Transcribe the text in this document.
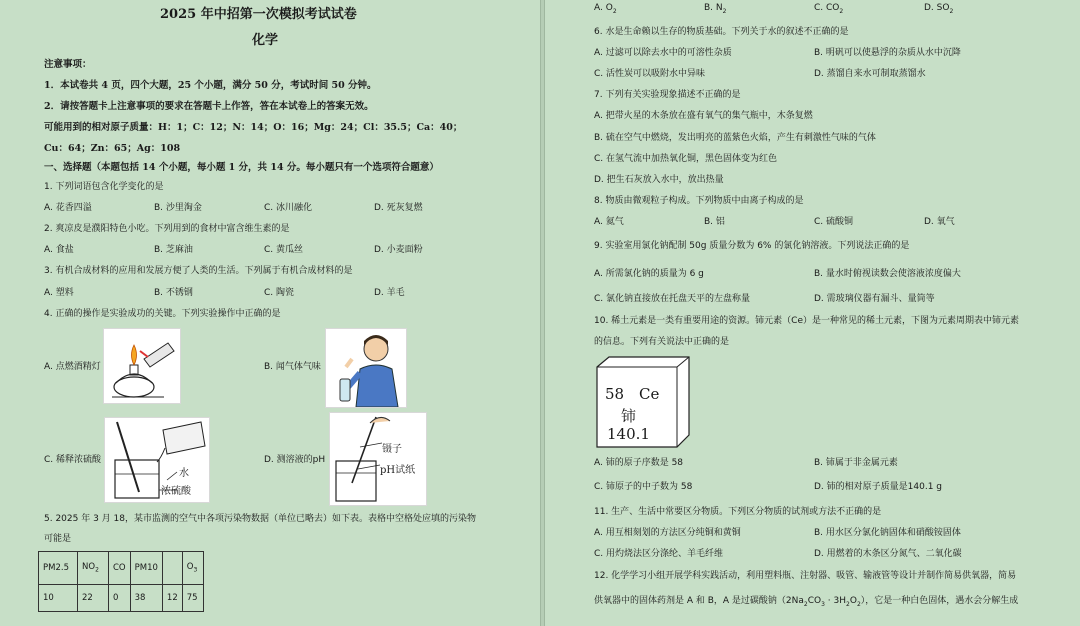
2025 年中招第一次模拟考试试卷
化学
注意事项：
1．本试卷共 4 页，四个大题，25 个小题，满分 50 分，考试时间 50 分钟。
2．请按答题卡上注意事项的要求在答题卡上作答，答在本试卷上的答案无效。
可能用到的相对原子质量：H：1；C：12；N：14；O：16；Mg：24；Cl：35.5；Ca：40；
Cu：64；Zn：65；Ag：108
一、选择题（本题包括 14 个小题，每小题 1 分，共 14 分。每小题只有一个选项符合题意）
1. 下列词语包含化学变化的是
A. 花香四溢	B. 沙里淘金	C. 冰川融化	D. 死灰复燃
2. 爽凉皮是濮阳特色小吃。下列用到的食材中富含维生素的是
A. 食盐	B. 芝麻油	C. 黄瓜丝	D. 小麦面粉
3. 有机合成材料的应用和发展方便了人类的生活。下列属于有机合成材料的是
A. 塑料	B. 不锈钢	C. 陶瓷	D. 羊毛
4. 正确的操作是实验成功的关键。下列实验操作中正确的是
A. 点燃酒精灯	B. 闻气体气味
C. 稀释浓硫酸
水
浓硫酸
D. 测溶液的pH
镊子
pH试纸
5. 2025 年 3 月 18，某市监测的空气中各项污染物数据（单位已略去）如下表。表格中空格处应填的污染物
可能是
PM2.5	$NO_2$	CO	PM10		$O_3$
10	22	0	38	12	75
A. $O_2$	B. $N_2$	C. $CO_2$	D. $SO_2$
6. 水是生命赖以生存的物质基础。下列关于水的叙述不正确的是
A. 过滤可以除去水中的可溶性杂质	B. 明矾可以使悬浮的杂质从水中沉降
C. 活性炭可以吸附水中异味	D. 蒸馏自来水可制取蒸馏水
7. 下列有关实验现象描述不正确的是
A. 把带火星的木条放在盛有氧气的集气瓶中，木条复燃
B. 硫在空气中燃烧，发出明亮的蓝紫色火焰，产生有刺激性气味的气体
C. 在氢气流中加热氧化铜，黑色固体变为红色
D. 把生石灰放入水中，放出热量
8. 物质由微观粒子构成。下列物质中由离子构成的是
A. 氦气	B. 铝	C. 硫酸铜	D. 氧气
9. 实验室用氯化钠配制 50g 质量分数为 6% 的氯化钠溶液。下列说法正确的是
A. 所需氯化钠的质量为 6 g	B. 量水时俯视读数会使溶液浓度偏大
C. 氯化钠直接放在托盘天平的左盘称量	D. 需玻璃仪器有漏斗、量筒等
10. 稀土元素是一类有重要用途的资源。铈元素（Ce）是一种常见的稀土元素，下图为元素周期表中铈元素
的信息。下列有关说法中正确的是
58 Ce
铈
140.1
A. 铈的原子序数是 58	B. 铈属于非金属元素
C. 铈原子的中子数为 58	D. 铈的相对原子质量是140.1 g
11. 生产、生活中常要区分物质。下列区分物质的试剂或方法不正确的是
A. 用互相刻划的方法区分纯铜和黄铜	B. 用水区分氯化钠固体和硝酸铵固体
C. 用灼烧法区分涤纶、羊毛纤维	D. 用燃着的木条区分氮气、二氧化碳
12. 化学学习小组开展学科实践活动，利用塑料瓶、注射器、吸管、输液管等设计并制作简易供氧器，简易
供氧器中的固体药剂是 A 和 B，A 是过碳酸钠$(2Na_2CO_3 \cdot 3H_2O_2)$，它是一种白色固体，遇水会分解生成
